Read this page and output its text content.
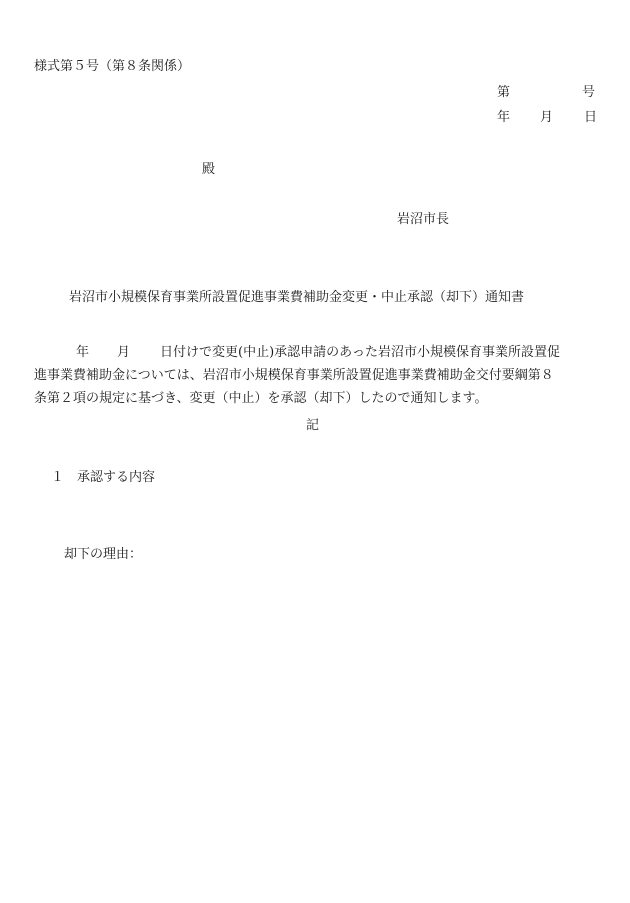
様式第５号（第８条関係）
第	号
年 月 日
殿
岩沼市長
岩沼市小規模保育事業所設置促進事業費補助金変更・中止承認（却下）通知書
年 月 日付けで変更(中止)承認申請のあった岩沼市小規模保育事業所設置促
進事業費補助金については、岩沼市小規模保育事業所設置促進事業費補助金交付要綱第８
条第２項の規定に基づき、変更（中止）を承認（却下）したので通知します。
記
１ 承認する内容
却下の理由：
